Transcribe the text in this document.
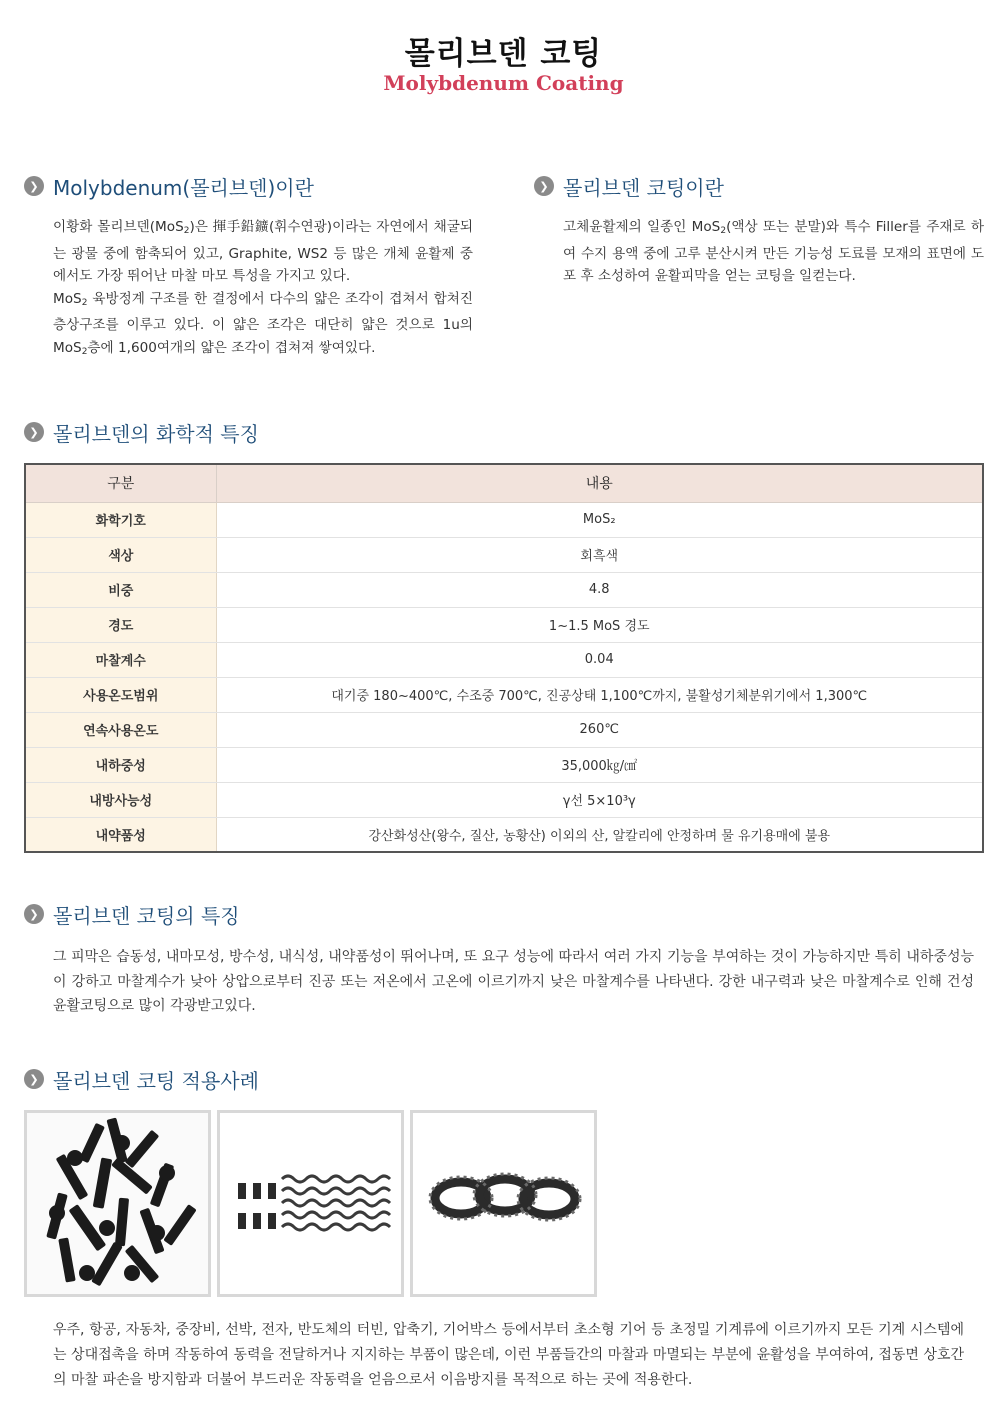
몰리브덴 코팅
Molybdenum Coating
❯ Molybdenum(몰리브덴)이란

이황화 몰리브덴(MoS$_2$)은 揮手鉛鑛(휘수연광)이라는 자연에서 채굴되는 광물 중에 함축되어 있고, Graphite, WS2 등 많은 개체 윤활제 중에서도 가장 뛰어난 마찰 마모 특성을 가지고 있다.

MoS$_2$ 육방정계 구조를 한 결정에서 다수의 얇은 조각이 겹쳐서 합쳐진 층상구조를 이루고 있다. 이 얇은 조각은 대단히 얇은 것으로 1u의 MoS$_2$층에 1,600여개의 얇은 조각이 겹쳐져 쌓여있다.

❯ 몰리브덴 코팅이란

고체윤활제의 일종인 MoS$_2$(액상 또는 분말)와 특수 Filler를 주재로 하여 수지 용액 중에 고루 분산시켜 만든 기능성 도료를 모재의 표면에 도포 후 소성하여 윤활피막을 얻는 코팅을 일컫는다.

❯ 몰리브덴의 화학적 특징
구분	내용
화학기호	MoS₂
색상	회흑색
비중	4.8
경도	1~1.5 MoS 경도
마찰계수	0.04
사용온도범위	대기중 180~400℃, 수조중 700℃, 진공상태 1,100℃까지, 불활성기체분위기에서 1,300℃
연속사용온도	260℃
내하중성	35,000㎏/㎠
내방사능성	γ선 5×10³γ
내약품성	강산화성산(왕수, 질산, 농황산) 이외의 산, 알칼리에 안정하며 물 유기용매에 불용
❯ 몰리브덴 코팅의 특징
그 피막은 습동성, 내마모성, 방수성, 내식성, 내약품성이 뛰어나며, 또 요구 성능에 따라서 여러 가지 기능을 부여하는 것이 가능하지만 특히 내하중성능이 강하고 마찰계수가 낮아 상압으로부터 진공 또는 저온에서 고온에 이르기까지 낮은 마찰계수를 나타낸다. 강한 내구력과 낮은 마찰계수로 인해 건성윤활코팅으로 많이 각광받고있다.
❯ 몰리브덴 코팅 적용사례
우주, 항공, 자동차, 중장비, 선박, 전자, 반도체의 터빈, 압축기, 기어박스 등에서부터 초소형 기어 등 초정밀 기계류에 이르기까지 모든 기계 시스템에는 상대접촉을 하며 작동하여 동력을 전달하거나 지지하는 부품이 많은데, 이런 부품들간의 마찰과 마멸되는 부분에 윤활성을 부여하여, 접동면 상호간의 마찰 파손을 방지함과 더불어 부드러운 작동력을 얻음으로서 이음방지를 목적으로 하는 곳에 적용한다.
